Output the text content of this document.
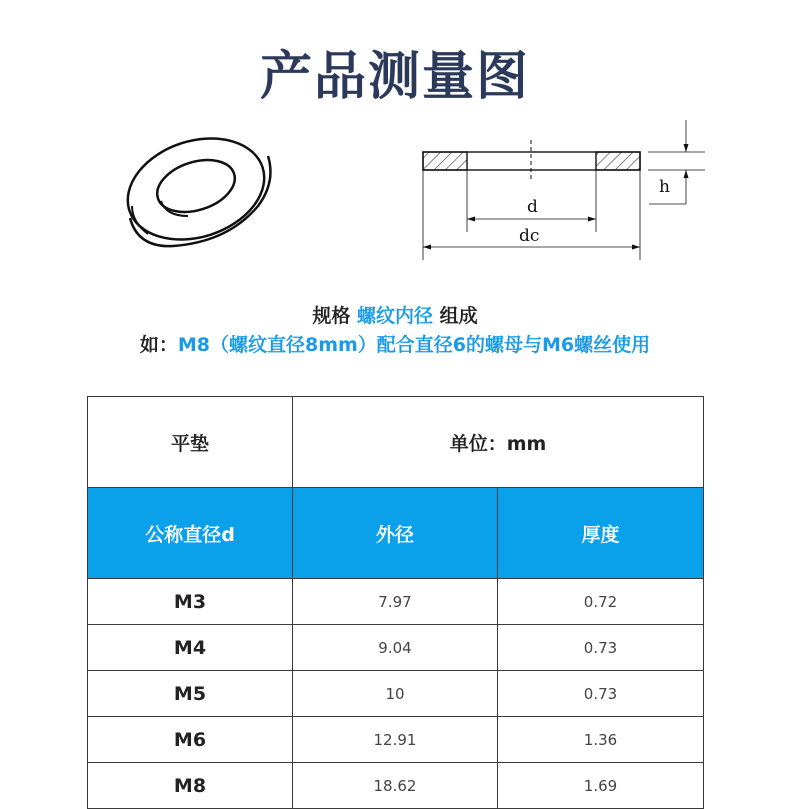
产品测量图
d
dc
h
规格 螺纹内径 组成
如：M8（螺纹直径8mm）配合直径6的螺母与M6螺丝使用
平垫	单位：mm	
公称直径d	外径	厚度
M3	7.97	0.72
M4	9.04	0.73
M5	10	0.73
M6	12.91	1.36
M8	18.62	1.69
